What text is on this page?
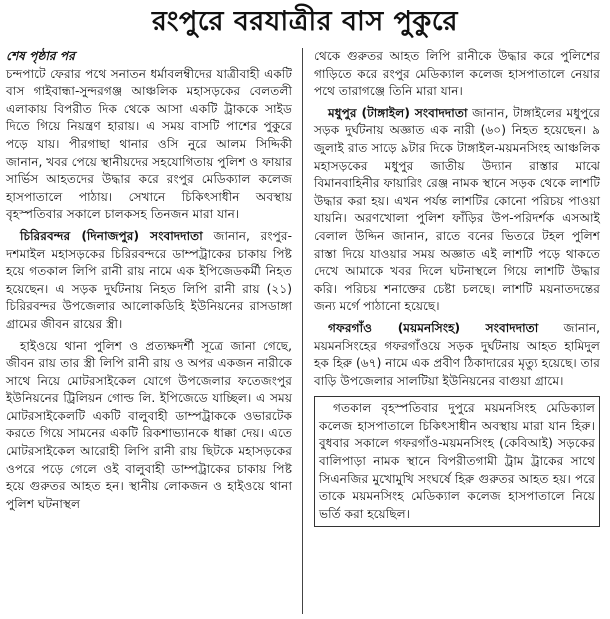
রংপুরে বরযাত্রীর বাস পুকুরে

শেষ পৃষ্ঠার পর

চন্দপাটে ফেরার পথে সনাতন ধর্মাবলম্বীদের যাত্রীবাহী একটি বাস গাইবান্ধা-সুন্দরগঞ্জ আঞ্চলিক মহাসড়কের বেলতলী এলাকায় বিপরীত দিক থেকে আসা একটি ট্রাককে সাইড দিতে গিয়ে নিয়ন্ত্রণ হারায়। এ সময় বাসটি পাশের পুকুরে পড়ে যায়। পীরগাছা থানার ওসি নুরে আলম সিদ্দিকী জানান, খবর পেয়ে স্থানীয়দের সহযোগিতায় পুলিশ ও ফায়ার সার্ভিস আহতদের উদ্ধার করে রংপুর মেডিক্যাল কলেজ হাসপাতালে পাঠায়। সেখানে চিকিৎসাধীন অবস্থায় বৃহস্পতিবার সকালে চালকসহ তিনজন মারা যান।

চিরিরবন্দর (দিনাজপুর) সংবাদদাতা জানান, রংপুর-দশমাইল মহাসড়কের চিরিরবন্দরে ডাম্পট্রাকের চাকায় পিষ্ট হয়ে গতকাল লিপি রানী রায় নামে এক ইপিজেডকর্মী নিহত হয়েছেন। এ সড়ক দুর্ঘটনায় নিহত লিপি রানী রায় (২১) চিরিরবন্দর উপজেলার আলোকডিহি ইউনিয়নের রাসডাঙ্গা গ্রামের জীবন রায়ের স্ত্রী।

হাইওয়ে থানা পুলিশ ও প্রত্যক্ষদর্শী সূত্রে জানা গেছে, জীবন রায় তার স্ত্রী লিপি রানী রায় ও অপর একজন নারীকে সাথে নিয়ে মোটরসাইকেল যোগে উপজেলার ফতেজংপুর ইউনিয়নের ট্রিলিয়ন গোল্ড লি. ইপিজেডে যাচ্ছিল। এ সময় মোটরসাইকেলটি একটি বালুবাহী ডাম্পট্রাককে ওভারটেক করতে গিয়ে সামনের একটি রিকশাভ্যানকে ধাক্কা দেয়। এতে মোটরসাইকেল আরোহী লিপি রানী রায় ছিটকে মহাসড়কের ওপরে পড়ে গেলে ওই বালুবাহী ডাম্পট্রাকের চাকায় পিষ্ট হয়ে গুরুতর আহত হন। স্থানীয় লোকজন ও হাইওয়ে থানা পুলিশ ঘটনাস্থল

থেকে গুরুতর আহত লিপি রানীকে উদ্ধার করে পুলিশের গাড়িতে করে রংপুর মেডিক্যাল কলেজ হাসপাতালে নেয়ার পথে তারাগঞ্জে তিনি মারা যান।

মধুপুর (টাঙ্গাইল) সংবাদদাতা জানান, টাঙ্গাইলের মধুপুরে সড়ক দুর্ঘটনায় অজ্ঞাত এক নারী (৬০) নিহত হয়েছেন। ৯ জুলাই রাত সাড়ে ৯টার দিকে টাঙ্গাইল-ময়মনসিংহ আঞ্চলিক মহাসড়কের মধুপুর জাতীয় উদ্যান রাস্তার মাঝে বিমানবাহিনীর ফায়ারিং রেঞ্জ নামক স্থানে সড়ক থেকে লাশটি উদ্ধার করা হয়। এখন পর্যন্ত লাশটির কোনো পরিচয় পাওয়া যায়নি। অরণখোলা পুলিশ ফাঁড়ির উপ-পরিদর্শক এসআই বেলাল উদ্দিন জানান, রাতে বনের ভিতরে টহল পুলিশ রাস্তা দিয়ে যাওয়ার সময় অজ্ঞাত এই লাশটি পড়ে থাকতে দেখে আমাকে খবর দিলে ঘটনাস্থলে গিয়ে লাশটি উদ্ধার করি। পরিচয় শনাক্তের চেষ্টা চলছে। লাশটি ময়নাতদন্তের জন্য মর্গে পাঠানো হয়েছে।

গফরগাঁও (ময়মনসিংহ) সংবাদদাতা জানান, ময়মনসিংহের গফরগাঁওয়ে সড়ক দুর্ঘটনায় আহত হামিদুল হক হিরু (৬৭) নামে এক প্রবীণ ঠিকাদারের মৃত্যু হয়েছে। তার বাড়ি উপজেলার সালটিয়া ইউনিয়নের বাগুয়া গ্রামে।

গতকাল বৃহস্পতিবার দুপুরে ময়মনসিংহ মেডিক্যাল কলেজ হাসপাতালে চিকিৎসাধীন অবস্থায় মারা যান হিরু। বুধবার সকালে গফরগাঁও-ময়মনসিংহ (কেবিআই) সড়কের বালিপাড়া নামক স্থানে বিপরীতগামী ট্রাম ট্রাকের সাথে সিএনজির মুখোমুখি সংঘর্ষে হিরু গুরুতর আহত হয়। পরে তাকে ময়মনসিংহ মেডিক্যাল কলেজ হাসপাতালে নিয়ে ভর্তি করা হয়েছিল।
